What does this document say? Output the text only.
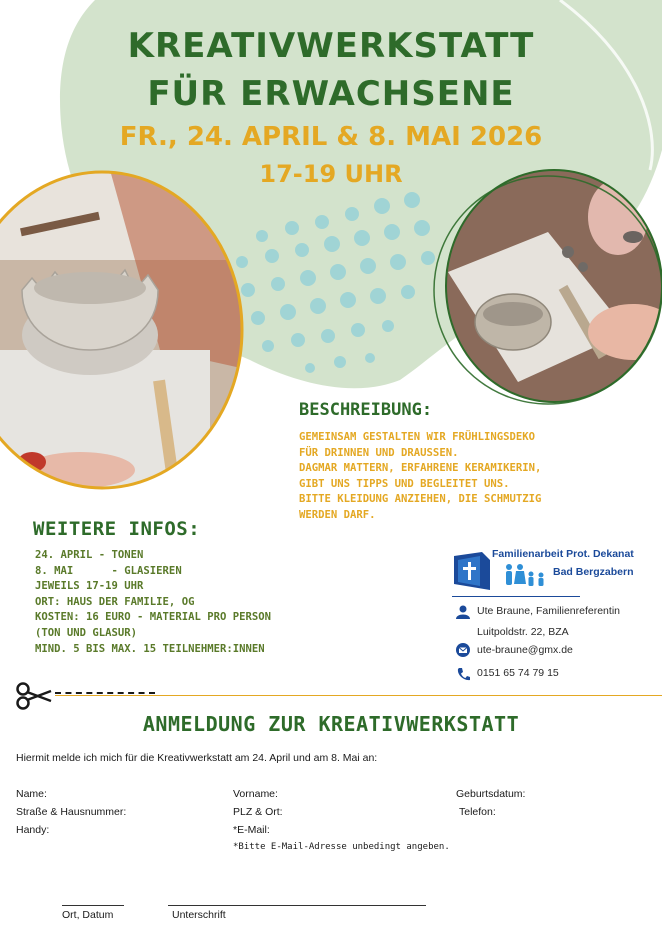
KREATIVWERKSTATT
FÜR ERWACHSENE
FR., 24. APRIL & 8. MAI 2026
17-19 UHR
BESCHREIBUNG:
GEMEINSAM GESTALTEN WIR FRÜHLINGSDEKO
FÜR DRINNEN UND DRAUSSEN.
DAGMAR MATTERN, ERFAHRENE KERAMIKERIN,
GIBT UNS TIPPS UND BEGLEITET UNS.
BITTE KLEIDUNG ANZIEHEN, DIE SCHMUTZIG
WERDEN DARF.
WEITERE INFOS:
24. APRIL - TONEN
8. MAI      - GLASIEREN
JEWEILS 17-19 UHR
ORT: HAUS DER FAMILIE, OG
KOSTEN: 16 EURO - MATERIAL PRO PERSON
(TON UND GLASUR)
MIND. 5 BIS MAX. 15 TEILNEHMER:INNEN
Familienarbeit Prot. Dekanat
Bad Bergzabern
Ute Braune, Familienreferentin
Luitpoldstr. 22, BZA
ute-braune@gmx.de
0151 65 74 79 15
ANMELDUNG ZUR KREATIVWERKSTATT
Hiermit melde ich mich für die Kreativwerkstatt am 24. April und am 8. Mai an:
Name:	Vorname:	Geburtsdatum:
Straße & Hausnummer:	PLZ & Ort:	Telefon:
Handy:	*E-Mail:
*Bitte E-Mail-Adresse unbedingt angeben.
Ort, Datum	Unterschrift
